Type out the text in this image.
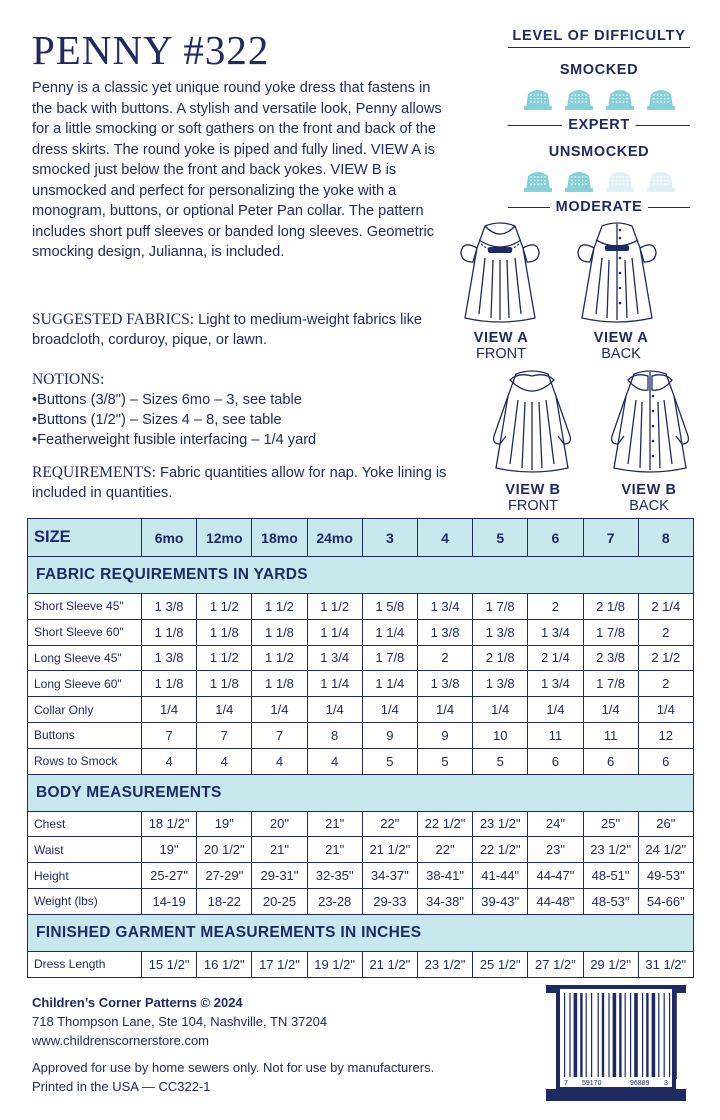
PENNY #322

Penny is a classic yet unique round yoke dress that fastens in the back with buttons. A stylish and versatile look, Penny allows for a little smocking or soft gathers on the front and back of the dress skirts. The round yoke is piped and fully lined. VIEW A is smocked just below the front and back yokes. VIEW B is unsmocked and perfect for personalizing the yoke with a monogram, buttons, or optional Peter Pan collar. The pattern includes short puff sleeves or banded long sleeves. Geometric smocking design, Julianna, is included.

SUGGESTED FABRICS: Light to medium-weight fabrics like broadcloth, corduroy, pique, or lawn.

NOTIONS:
• Buttons (3/8") – Sizes 6mo – 3, see table
• Buttons (1/2") – Sizes 4 – 8, see table
• Featherweight fusible interfacing – 1/4 yard

REQUIREMENTS: Fabric quantities allow for nap. Yoke lining is included in quantities.

LEVEL OF DIFFICULTY
SMOCKED
EXPERT
UNSMOCKED
MODERATE
VIEW A
FRONT
VIEW A
BACK
VIEW B
FRONT
VIEW B
BACK
SIZE	6mo	12mo	18mo	24mo	3	4	5	6	7	8
FABRIC REQUIREMENTS IN YARDS										
Short Sleeve 45"	1 3/8	1 1/2	1 1/2	1 1/2	1 5/8	1 3/4	1 7/8	2	2 1/8	2 1/4
Short Sleeve 60"	1 1/8	1 1/8	1 1/8	1 1/4	1 1/4	1 3/8	1 3/8	1 3/4	1 7/8	2
Long Sleeve 45"	1 3/8	1 1/2	1 1/2	1 3/4	1 7/8	2	2 1/8	2 1/4	2 3/8	2 1/2
Long Sleeve 60"	1 1/8	1 1/8	1 1/8	1 1/4	1 1/4	1 3/8	1 3/8	1 3/4	1 7/8	2
Collar Only	1/4	1/4	1/4	1/4	1/4	1/4	1/4	1/4	1/4	1/4
Buttons	7	7	7	8	9	9	10	11	11	12
Rows to Smock	4	4	4	4	5	5	5	6	6	6
BODY MEASUREMENTS										
Chest	18 1/2"	19"	20"	21"	22"	22 1/2"	23 1/2"	24"	25"	26"
Waist	19"	20 1/2"	21"	21"	21 1/2"	22"	22 1/2"	23"	23 1/2"	24 1/2"
Height	25-27"	27-29"	29-31"	32-35"	34-37"	38-41"	41-44"	44-47"	48-51"	49-53"
Weight (lbs)	14-19	18-22	20-25	23-28	29-33	34-38"	39-43"	44-48"	48-53"	54-66"
FINISHED GARMENT MEASUREMENTS IN INCHES										
Dress Length	15 1/2"	16 1/2"	17 1/2"	19 1/2"	21 1/2"	23 1/2"	25 1/2"	27 1/2"	29 1/2"	31 1/2"
Children’s Corner Patterns © 2024
718 Thompson Lane, Ste 104, Nashville, TN 37204
www.childrenscornerstore.com
Approved for use by home sewers only. Not for use by manufacturers.
Printed in the USA — CC322-1	7 59170	96889 3
